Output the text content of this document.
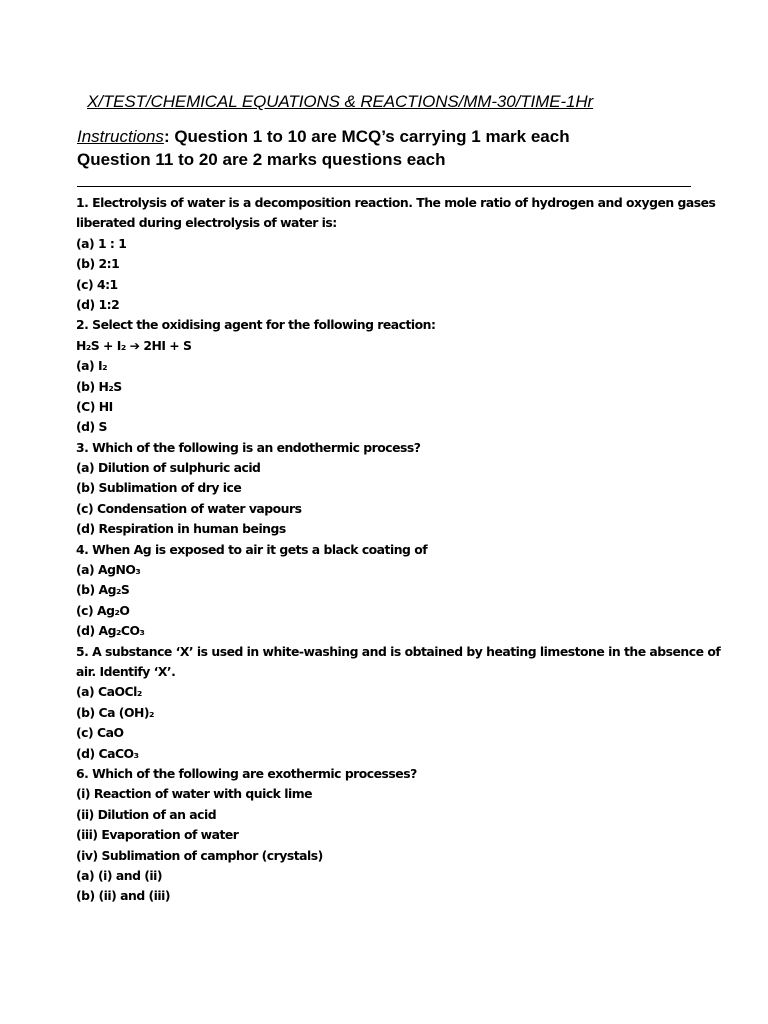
X/TEST/CHEMICAL EQUATIONS & REACTIONS/MM-30/TIME-1Hr
Instructions: Question 1 to 10 are MCQ’s carrying 1 mark each
Question 11 to 20 are 2 marks questions each
1. Electrolysis of water is a decomposition reaction. The mole ratio of hydrogen and oxygen gases
liberated during electrolysis of water is:
(a) 1 : 1
(b) 2:1
(c) 4:1
(d) 1:2
2. Select the oxidising agent for the following reaction:
H₂S + I₂ ➔ 2HI + S
(a) I₂
(b) H₂S
(C) HI
(d) S
3. Which of the following is an endothermic process?
(a) Dilution of sulphuric acid
(b) Sublimation of dry ice
(c) Condensation of water vapours
(d) Respiration in human beings
4. When Ag is exposed to air it gets a black coating of
(a) AgNO₃
(b) Ag₂S
(c) Ag₂O
(d) Ag₂CO₃
5. A substance ‘X’ is used in white-washing and is obtained by heating limestone in the absence of
air. Identify ‘X’.
(a) CaOCl₂
(b) Ca (OH)₂
(c) CaO
(d) CaCO₃
6. Which of the following are exothermic processes?
(i) Reaction of water with quick lime
(ii) Dilution of an acid
(iii) Evaporation of water
(iv) Sublimation of camphor (crystals)
(a) (i) and (ii)
(b) (ii) and (iii)
